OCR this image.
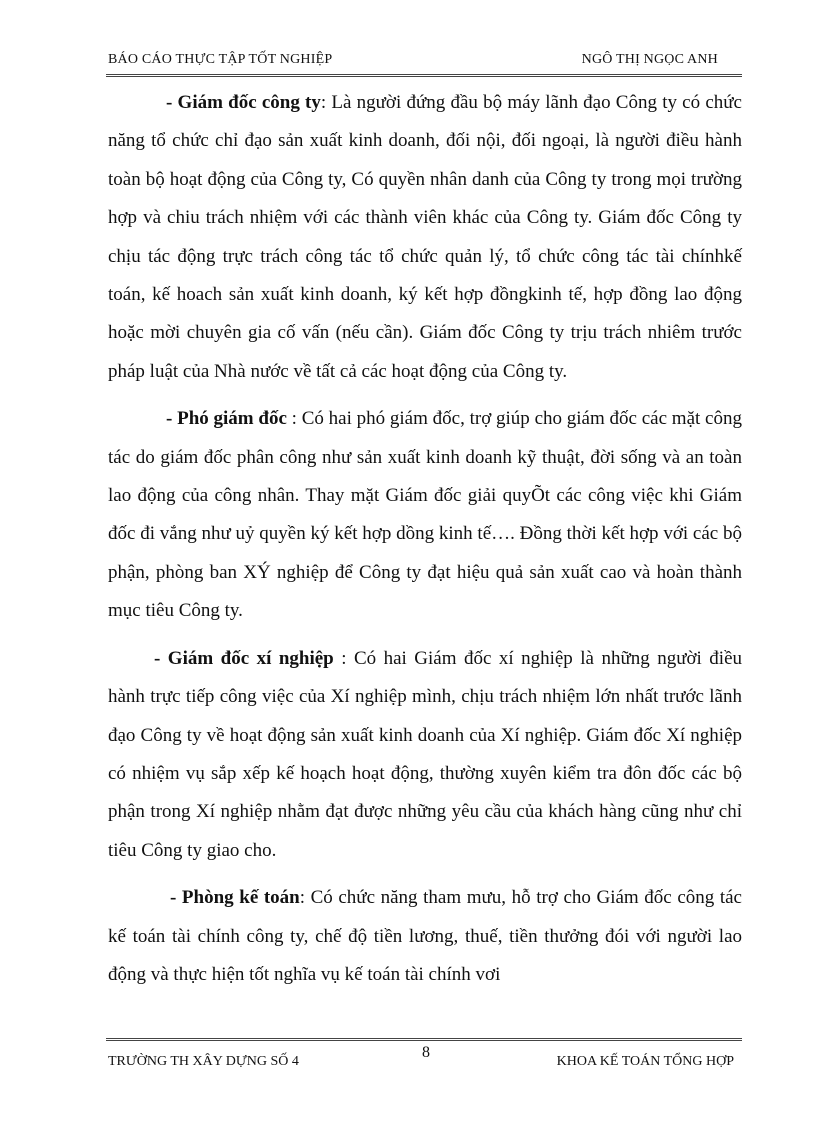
BÁO CÁO THỰC TẬP TỐT NGHIỆP	NGÔ THỊ NGỌC ANH

- Giám đốc công ty: Là người đứng đầu bộ máy lãnh đạo Công ty có chức năng tổ chức chỉ đạo sản xuất kinh doanh, đối nội, đối ngoại, là người điều hành toàn bộ hoạt động của Công ty, Có quyền nhân danh của Công ty trong mọi trường hợp và chiu trách nhiệm với các thành viên khác của Công ty. Giám đốc Công ty chịu tác động trực trách công tác tổ chức quản lý, tổ chức công tác tài chínhkế toán, kế hoach sản xuất kinh doanh, ký kết hợp đồngkinh tế, hợp đồng lao động hoặc mời chuyên gia cố vấn (nếu cần). Giám đốc Công ty trịu trách nhiêm trước pháp luật của Nhà nước về tất cả các hoạt động của Công ty.

- Phó giám đốc : Có hai phó giám đốc, trợ giúp cho giám đốc các mặt công tác do giám đốc phân công như sản xuất kinh doanh kỹ thuật, đời sống và an toàn lao động của công nhân. Thay mặt Giám đốc giải quyÕt các công việc khi Giám đốc đi vắng như uỷ quyền ký kết hợp dồng kinh tế…. Đồng thời kết hợp với các bộ phận, phòng ban XÝ nghiệp để Công ty đạt hiệu quả sản xuất cao và hoàn thành mục tiêu Công ty.

- Giám đốc xí nghiệp : Có hai Giám đốc xí nghiệp là những người điều hành trực tiếp công việc của Xí nghiệp mình, chịu trách nhiệm lớn nhất trước lãnh đạo Công ty về hoạt động sản xuất kinh doanh của Xí nghiệp. Giám đốc Xí nghiệp có nhiệm vụ sắp xếp kế hoạch hoạt động, thường xuyên kiểm tra đôn đốc các bộ phận trong Xí nghiệp nhằm đạt được những yêu cầu của khách hàng cũng như chỉ tiêu Công ty giao cho.

- Phòng kế toán: Có chức năng tham mưu, hỗ trợ cho Giám đốc công tác kế toán tài chính công ty, chế độ tiền lương, thuế, tiền thưởng đói với người lao động và thực hiện tốt nghĩa vụ kế toán tài chính vơi

TRƯỜNG TH XÂY DỰNG SỐ 4
8
KHOA KẾ TOÁN TỔNG HỢP
